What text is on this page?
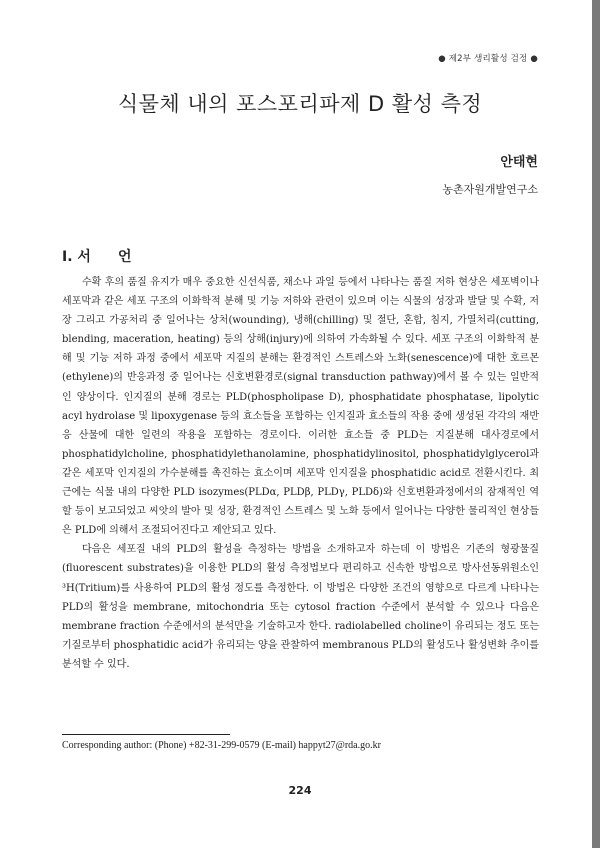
● 제2부 생리활성 검정 ●
식물체 내의 포스포리파제 D 활성 측정
안태현
농촌자원개발연구소
I. 서 언

수확 후의 품질 유지가 매우 중요한 신선식품, 채소나 과일 등에서 나타나는 품질 저하 현상은 세포벽이나 세포막과 같은 세포 구조의 이화학적 분해 및 기능 저하와 관련이 있으며 이는 식물의 성장과 발달 및 수확, 저장 그리고 가공처리 중 일어나는 상처(wounding), 냉해(chilling) 및 절단, 혼합, 침지, 가열처리(cutting, blending, maceration, heating) 등의 상해(injury)에 의하여 가속화될 수 있다. 세포 구조의 이화학적 분해 및 기능 저하 과정 중에서 세포막 지질의 분해는 환경적인 스트레스와 노화(senescence)에 대한 호르몬(ethylene)의 반응과정 중 일어나는 신호변환경로(signal transduction pathway)에서 볼 수 있는 일반적인 양상이다. 인지질의 분해 경로는 PLD(phospholipase D), phosphatidate phosphatase, lipolytic acyl hydrolase 및 lipoxygenase 등의 효소들을 포함하는 인지질과 효소들의 작용 중에 생성된 각각의 재반응 산물에 대한 일련의 작용을 포함하는 경로이다. 이러한 효소들 중 PLD는 지질분해 대사경로에서 phosphatidylcholine, phosphatidylethanolamine, phosphatidylinositol, phosphatidylglycerol과 같은 세포막 인지질의 가수분해를 촉진하는 효소이며 세포막 인지질을 phosphatidic acid로 전환시킨다. 최근에는 식물 내의 다양한 PLD isozymes(PLDα, PLDβ, PLDγ, PLDδ)와 신호변환과정에서의 잠재적인 역할 등이 보고되었고 씨앗의 발아 및 성장, 환경적인 스트레스 및 노화 등에서 일어나는 다양한 물리적인 현상들은 PLD에 의해서 조절되어진다고 제안되고 있다.

다음은 세포질 내의 PLD의 활성을 측정하는 방법을 소개하고자 하는데 이 방법은 기존의 형광물질(fluorescent substrates)을 이용한 PLD의 활성 측정법보다 편리하고 신속한 방법으로 방사선동위원소인 ³H(Tritium)를 사용하여 PLD의 활성 정도를 측정한다. 이 방법은 다양한 조건의 영향으로 다르게 나타나는 PLD의 활성을 membrane, mitochondria 또는 cytosol fraction 수준에서 분석할 수 있으나 다음은 membrane fraction 수준에서의 분석만을 기술하고자 한다. radiolabelled choline이 유리되는 정도 또는 기질로부터 phosphatidic acid가 유리되는 양을 관찰하여 membranous PLD의 활성도나 활성변화 추이를 분석할 수 있다.

Corresponding author: (Phone) +82-31-299-0579 (E-mail) happyt27@rda.go.kr
224
